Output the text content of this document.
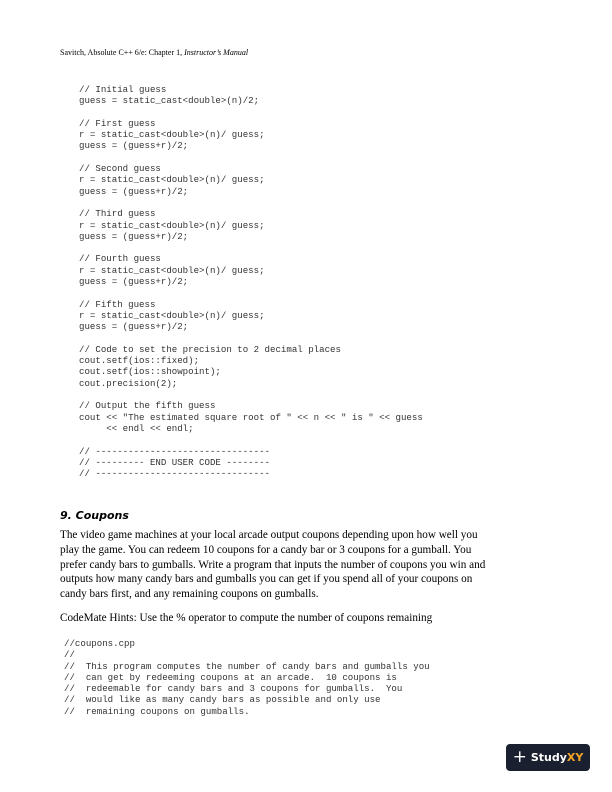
Savitch, Absolute C++ 6/e: Chapter 1, Instructor’s Manual
// Initial guess
guess = static_cast<double>(n)/2;

// First guess
r = static_cast<double>(n)/ guess;
guess = (guess+r)/2;

// Second guess
r = static_cast<double>(n)/ guess;
guess = (guess+r)/2;

// Third guess
r = static_cast<double>(n)/ guess;
guess = (guess+r)/2;

// Fourth guess
r = static_cast<double>(n)/ guess;
guess = (guess+r)/2;

// Fifth guess
r = static_cast<double>(n)/ guess;
guess = (guess+r)/2;

// Code to set the precision to 2 decimal places
cout.setf(ios::fixed);
cout.setf(ios::showpoint);
cout.precision(2);

// Output the fifth guess
cout << "The estimated square root of " << n << " is " << guess
<< endl << endl;

// --------------------------------
// --------- END USER CODE --------
// --------------------------------
9. Coupons
The video game machines at your local arcade output coupons depending upon how well you
play the game. You can redeem 10 coupons for a candy bar or 3 coupons for a gumball. You
prefer candy bars to gumballs. Write a program that inputs the number of coupons you win and
outputs how many candy bars and gumballs you can get if you spend all of your coupons on
candy bars first, and any remaining coupons on gumballs.
CodeMate Hints: Use the % operator to compute the number of coupons remaining
//coupons.cpp
//
//  This program computes the number of candy bars and gumballs you
//  can get by redeeming coupons at an arcade.  10 coupons is
//  redeemable for candy bars and 3 coupons for gumballs.  You
//  would like as many candy bars as possible and only use
//  remaining coupons on gumballs.
+ StudyXY
